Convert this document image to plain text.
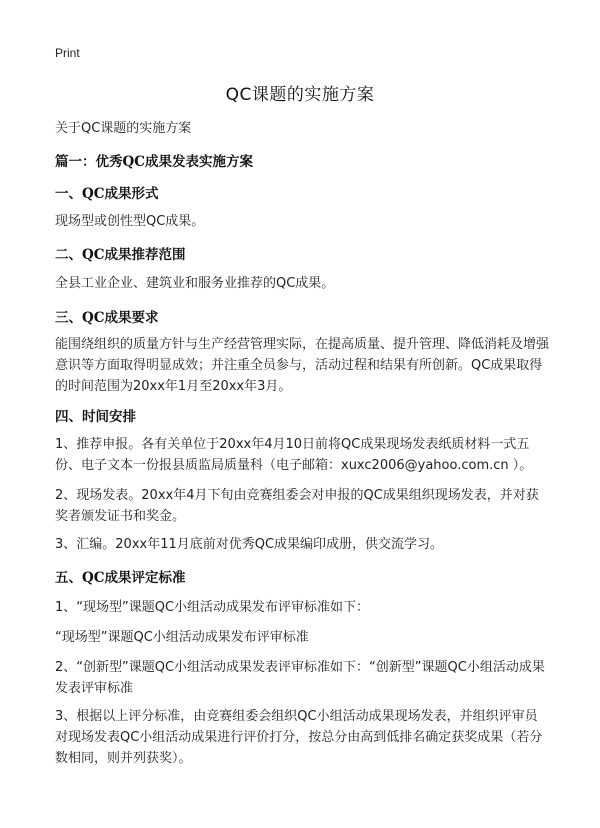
Print
QC课题的实施方案
关于QC课题的实施方案
篇一：优秀QC成果发表实施方案
一、QC成果形式
现场型或创性型QC成果。
二、QC成果推荐范围
全县工业企业、建筑业和服务业推荐的QC成果。
三、QC成果要求
能围绕组织的质量方针与生产经营管理实际，在提高质量、提升管理、降低消耗及增强意识等方面取得明显成效；并注重全员参与，活动过程和结果有所创新。QC成果取得的时间范围为20xx年1月至20xx年3月。
四、时间安排
1、推荐申报。各有关单位于20xx年4月10日前将QC成果现场发表纸质材料一式五份、电子文本一份报县质监局质量科（电子邮箱：xuxc2006@yahoo.com.cn ）。
2、现场发表。20xx年4月下旬由竞赛组委会对申报的QC成果组织现场发表，并对获奖者颁发证书和奖金。
3、汇编。20xx年11月底前对优秀QC成果编印成册，供交流学习。
五、QC成果评定标准
1、“现场型”课题QC小组活动成果发布评审标准如下：
“现场型”课题QC小组活动成果发布评审标准
2、“创新型”课题QC小组活动成果发表评审标准如下：“创新型”课题QC小组活动成果发表评审标准
3、根据以上评分标准，由竞赛组委会组织QC小组活动成果现场发表，并组织评审员对现场发表QC小组活动成果进行评价打分，按总分由高到低排名确定获奖成果（若分数相同，则并列获奖）。
